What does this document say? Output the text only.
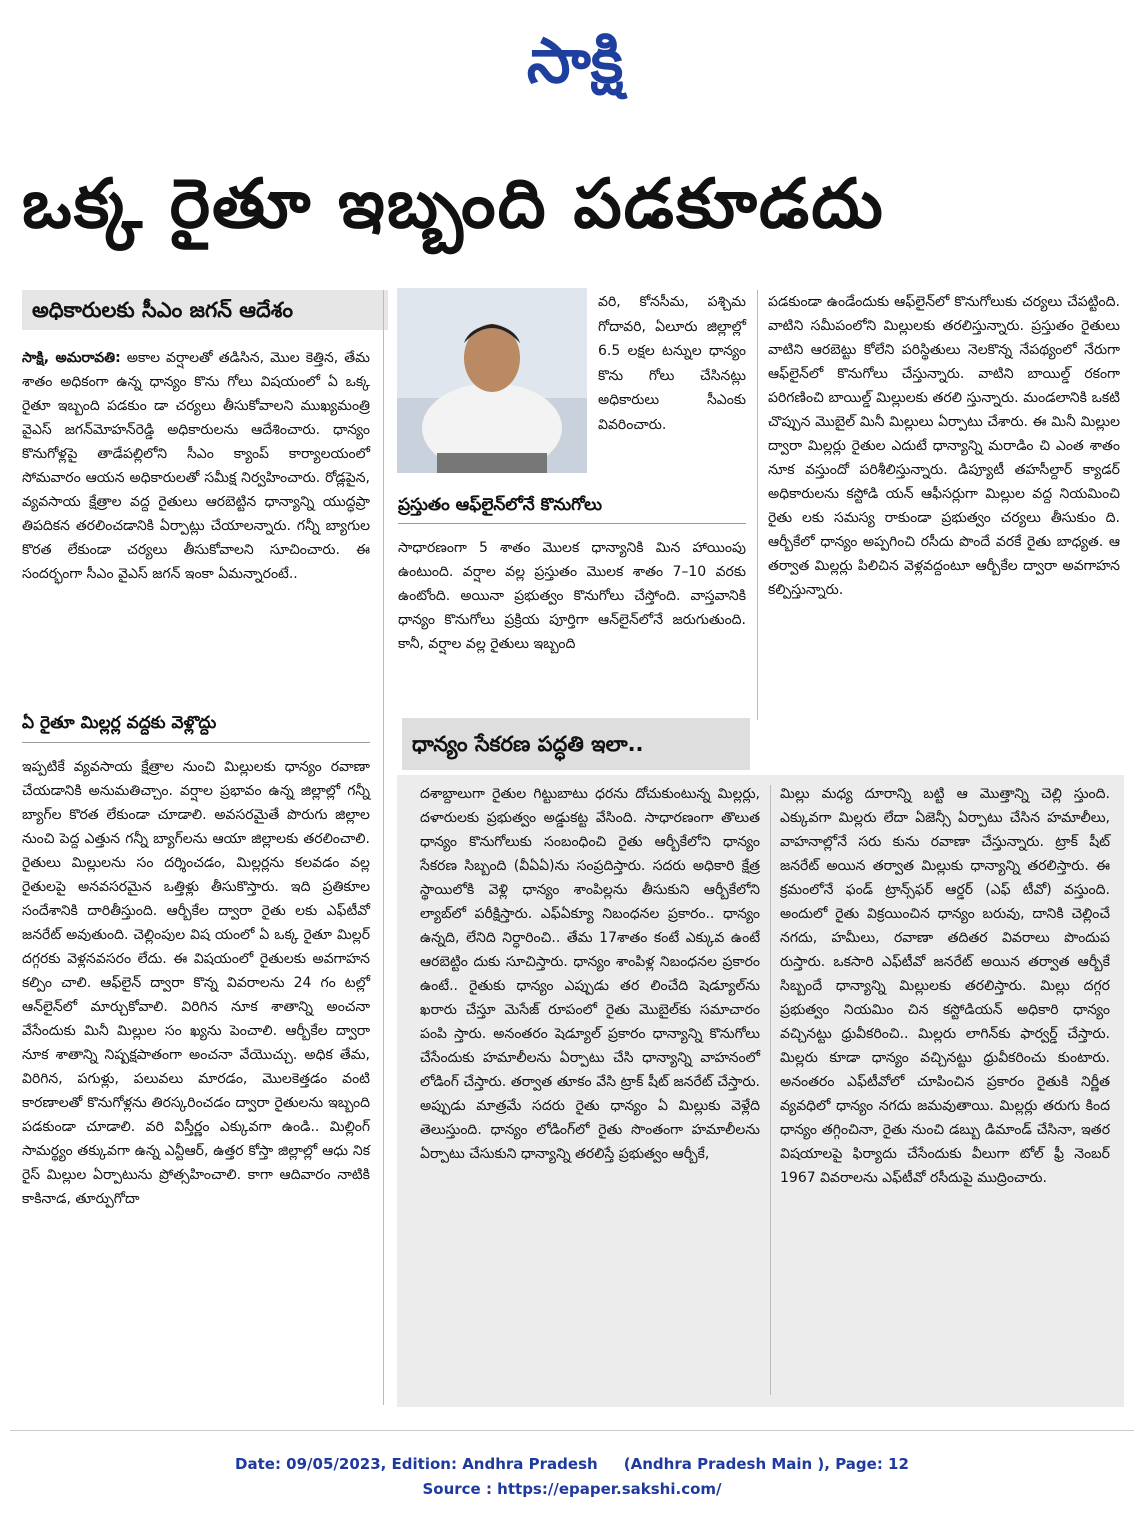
సాక్షి
ఒక్క రైతూ ఇబ్బంది పడకూడదు
అధికారులకు సీఎం జగన్ ఆదేశం

సాక్షి, అమరావతి: అకాల వర్షాలతో తడిసిన, మొల కెత్తిన, తేమ శాతం అధికంగా ఉన్న ధాన్యం కొను గోలు విషయంలో ఏ ఒక్క రైతూ ఇబ్బంది పడకుం డా చర్యలు తీసుకోవాలని ముఖ్యమంత్రి వైఎస్ జగన్‌మోహన్‌రెడ్డి అధికారులను ఆదేశించారు. ధాన్యం కొనుగోళ్లపై తాడేపల్లిలోని సీఎం క్యాంప్ కార్యాలయంలో సోమవారం ఆయన అధికారులతో సమీక్ష నిర్వహించారు. రోడ్లపైన, వ్యవసాయ క్షేత్రాల వద్ద రైతులు ఆరబెట్టిన ధాన్యాన్ని యుద్ధప్రా తిపదికన తరలించడానికి ఏర్పాట్లు చేయాలన్నారు. గన్నీ బ్యాగుల కొరత లేకుండా చర్యలు తీసుకోవాలని సూచించారు. ఈ సందర్భంగా సీఎం వైఎస్ జగన్ ఇంకా ఏమన్నారంటే..

ఏ రైతూ మిల్లర్ల వద్దకు వెళ్లొద్దు
ఇప్పటికే వ్యవసాయ క్షేత్రాల నుంచి మిల్లులకు ధాన్యం రవాణా చేయడానికి అనుమతిచ్చాం. వర్షాల ప్రభావం ఉన్న జిల్లాల్లో గన్నీ బ్యాగ్‌ల కొరత లేకుండా చూడాలి. అవసరమైతే పొరుగు జిల్లాల నుంచి పెద్ద ఎత్తున గన్నీ బ్యాగ్‌లను ఆయా జిల్లాలకు తరలించాలి. రైతులు మిల్లులను సం దర్శించడం, మిల్లర్లను కలవడం వల్ల రైతులపై అనవసరమైన ఒత్తిళ్లు తీసుకొస్తారు. ఇది ప్రతికూల సందేశానికి దారితీస్తుంది. ఆర్బీకేల ద్వారా రైతు లకు ఎఫ్‌టీవో జనరేట్ అవుతుంది. చెల్లింపుల విష యంలో ఏ ఒక్క రైతూ మిల్లర్ దగ్గరకు వెళ్లనవసరం లేదు. ఈ విషయంలో రైతులకు అవగాహన కల్పిం చాలి. ఆఫ్‌లైన్ ద్వారా కొన్న వివరాలను 24 గం టల్లో ఆన్‌లైన్‌లో మార్చుకోవాలి. విరిగిన నూక శాతాన్ని అంచనా వేసేందుకు మినీ మిల్లుల సం ఖ్యను పెంచాలి. ఆర్బీకేల ద్వారా నూక శాతాన్ని నిష్పక్షపాతంగా అంచనా వేయొచ్చు. అధిక తేమ, విరిగిన, పగుళ్లు, పలువలు మారడం, మొలకెత్తడం వంటి కారణాలతో కొనుగోళ్లను తిరస్కరించడం ద్వారా రైతులను ఇబ్బంది పడకుండా చూడాలి. వరి విస్తీర్ణం ఎక్కువగా ఉండి.. మిల్లింగ్ సామర్థ్యం తక్కువగా ఉన్న ఎన్టీఆర్, ఉత్తర కోస్తా జిల్లాల్లో ఆధు నిక రైస్ మిల్లుల ఏర్పాటును ప్రోత్సహించాలి. కాగా ఆదివారం నాటికి కాకినాడ, తూర్పుగోదా
వరి, కోనసీమ, పశ్చిమ గోదావరి, ఏలూరు జిల్లాల్లో 6.5 లక్షల టన్నుల ధాన్యం కొను గోలు చేసినట్లు అధికారులు సీఎంకు వివరించారు.
ప్రస్తుతం ఆఫ్‌లైన్‌లోనే కొనుగోలు
సాధారణంగా 5 శాతం మొలక ధాన్యానికి మిన హాయింపు ఉంటుంది. వర్షాల వల్ల ప్రస్తుతం మొలక శాతం 7–10 వరకు ఉంటోంది. అయినా ప్రభుత్వం కొనుగోలు చేస్తోంది. వాస్తవానికి ధాన్యం కొనుగోలు ప్రక్రియ పూర్తిగా ఆన్‌లైన్‌లోనే జరుగుతుంది. కానీ, వర్షాల వల్ల రైతులు ఇబ్బంది
పడకుండా ఉండేందుకు ఆఫ్‌లైన్‌లో కొనుగోలుకు చర్యలు చేపట్టింది. వాటిని సమీపంలోని మిల్లులకు తరలిస్తున్నారు. ప్రస్తుతం రైతులు వాటిని ఆరబెట్టు కోలేని పరిస్థితులు నెలకొన్న నేపథ్యంలో నేరుగా ఆఫ్‌లైన్‌లో కొనుగోలు చేస్తున్నారు. వాటిని బాయిల్డ్ రకంగా పరిగణించి బాయిల్డ్ మిల్లులకు తరలి స్తున్నారు. మండలానికి ఒకటి చొప్పున మొబైల్ మినీ మిల్లులు ఏర్పాటు చేశారు. ఈ మినీ మిల్లుల ద్వారా మిల్లర్లు రైతుల ఎదుటే ధాన్యాన్ని మరాడిం చి ఎంత శాతం నూక వస్తుందో పరిశీలిస్తున్నారు. డిప్యూటీ తహసీల్దార్ క్యాడర్ అధికారులను కస్టోడి యన్ ఆఫీసర్లుగా మిల్లుల వద్ద నియమించి రైతు లకు సమస్య రాకుండా ప్రభుత్వం చర్యలు తీసుకుం ది. ఆర్బీకేలో ధాన్యం అప్పగించి రసీదు పొందే వరకే రైతు బాధ్యత. ఆ తర్వాత మిల్లర్లు పిలిచిన వెళ్లవద్దంటూ ఆర్బీకేల ద్వారా అవగాహన కల్పిస్తున్నారు.
ధాన్యం సేకరణ పద్ధతి ఇలా..
దశాబ్దాలుగా రైతుల గిట్టుబాటు ధరను దోచుకుంటున్న మిల్లర్లు, దళారులకు ప్రభుత్వం అడ్డుకట్ట వేసింది. సాధారణంగా తొలుత ధాన్యం కొనుగోలుకు సంబంధించి రైతు ఆర్బీకేలోని ధాన్యం సేకరణ సిబ్బంది (వీఏఏ)ను సంప్రదిస్తారు. సదరు అధికారి క్షేత్ర స్థాయిలోకి వెళ్లి ధాన్యం శాంపిల్లను తీసుకుని ఆర్బీకేలోని ల్యాబ్‌లో పరీక్షిస్తారు. ఎఫ్‌ఏక్యూ నిబంధనల ప్రకారం.. ధాన్యం ఉన్నది, లేనిది నిర్ధారించి.. తేమ 17శాతం కంటే ఎక్కువ ఉంటే ఆరబెట్టిం దుకు సూచిస్తారు. ధాన్యం శాంపిళ్ల నిబంధనల ప్రకారం ఉంటే.. రైతుకు ధాన్యం ఎప్పుడు తర లించేది షెడ్యూల్‌ను ఖరారు చేస్తూ మెసేజ్ రూపంలో రైతు మొబైల్‌కు సమాచారం పంపి స్తారు. అనంతరం షెడ్యూల్ ప్రకారం ధాన్యాన్ని కొనుగోలు చేసేందుకు హమాలీలను ఏర్పాటు చేసి ధాన్యాన్ని వాహనంలో లోడింగ్ చేస్తారు. తర్వాత తూకం వేసి ట్రాక్ షీట్ జనరేట్ చేస్తారు. అప్పుడు మాత్రమే సదరు రైతు ధాన్యం ఏ మిల్లుకు వెళ్లేది తెలుస్తుంది. ధాన్యం లోడింగ్‌లో రైతు సొంతంగా హమాలీలను ఏర్పాటు చేసుకుని ధాన్యాన్ని తరలిస్తే ప్రభుత్వం ఆర్బీకే,
మిల్లు మధ్య దూరాన్ని బట్టి ఆ మొత్తాన్ని చెల్లి స్తుంది. ఎక్కువగా మిల్లరు లేదా ఏజెన్సీ ఏర్పాటు చేసిన హమాలీలు, వాహనాల్లోనే సరు కును రవాణా చేస్తున్నారు. ట్రాక్ షీట్ జనరేట్ అయిన తర్వాత మిల్లుకు ధాన్యాన్ని తరలిస్తారు. ఈ క్రమంలోనే ఫండ్ ట్రాన్స్‌ఫర్ ఆర్డర్ (ఎఫ్ టీవో) వస్తుంది. అందులో రైతు విక్రయించిన ధాన్యం బరువు, దానికి చెల్లించే నగదు, హమీలు, రవాణా తదితర వివరాలు పొందుప రుస్తారు. ఒకసారి ఎఫ్‌టీవో జనరేట్ అయిన తర్వాత ఆర్బీకే సిబ్బందే ధాన్యాన్ని మిల్లులకు తరలిస్తారు. మిల్లు దగ్గర ప్రభుత్వం నియమిం చిన కస్టోడియన్ అధికారి ధాన్యం వచ్చినట్టు ధ్రువీకరించి.. మిల్లరు లాగిన్‌కు ఫార్వర్డ్ చేస్తారు. మిల్లరు కూడా ధాన్యం వచ్చినట్టు ధ్రువీకరించు కుంటారు. అనంతరం ఎఫ్‌టీవోలో చూపించిన ప్రకారం రైతుకి నిర్ణీత వ్యవధిలో ధాన్యం నగదు జమవుతాయి. మిల్లర్లు తరుగు కింద ధాన్యం తగ్గించినా, రైతు నుంచి డబ్బు డిమాండ్ చేసినా, ఇతర విషయాలపై ఫిర్యాదు చేసేందుకు వీలుగా టోల్ ఫ్రీ నెంబర్ 1967 వివరాలను ఎఫ్‌టీవో రసీదుపై ముద్రించారు.
Date: 09/05/2023, Edition: Andhra Pradesh     (Andhra Pradesh Main ), Page: 12
Source : https://epaper.sakshi.com/
